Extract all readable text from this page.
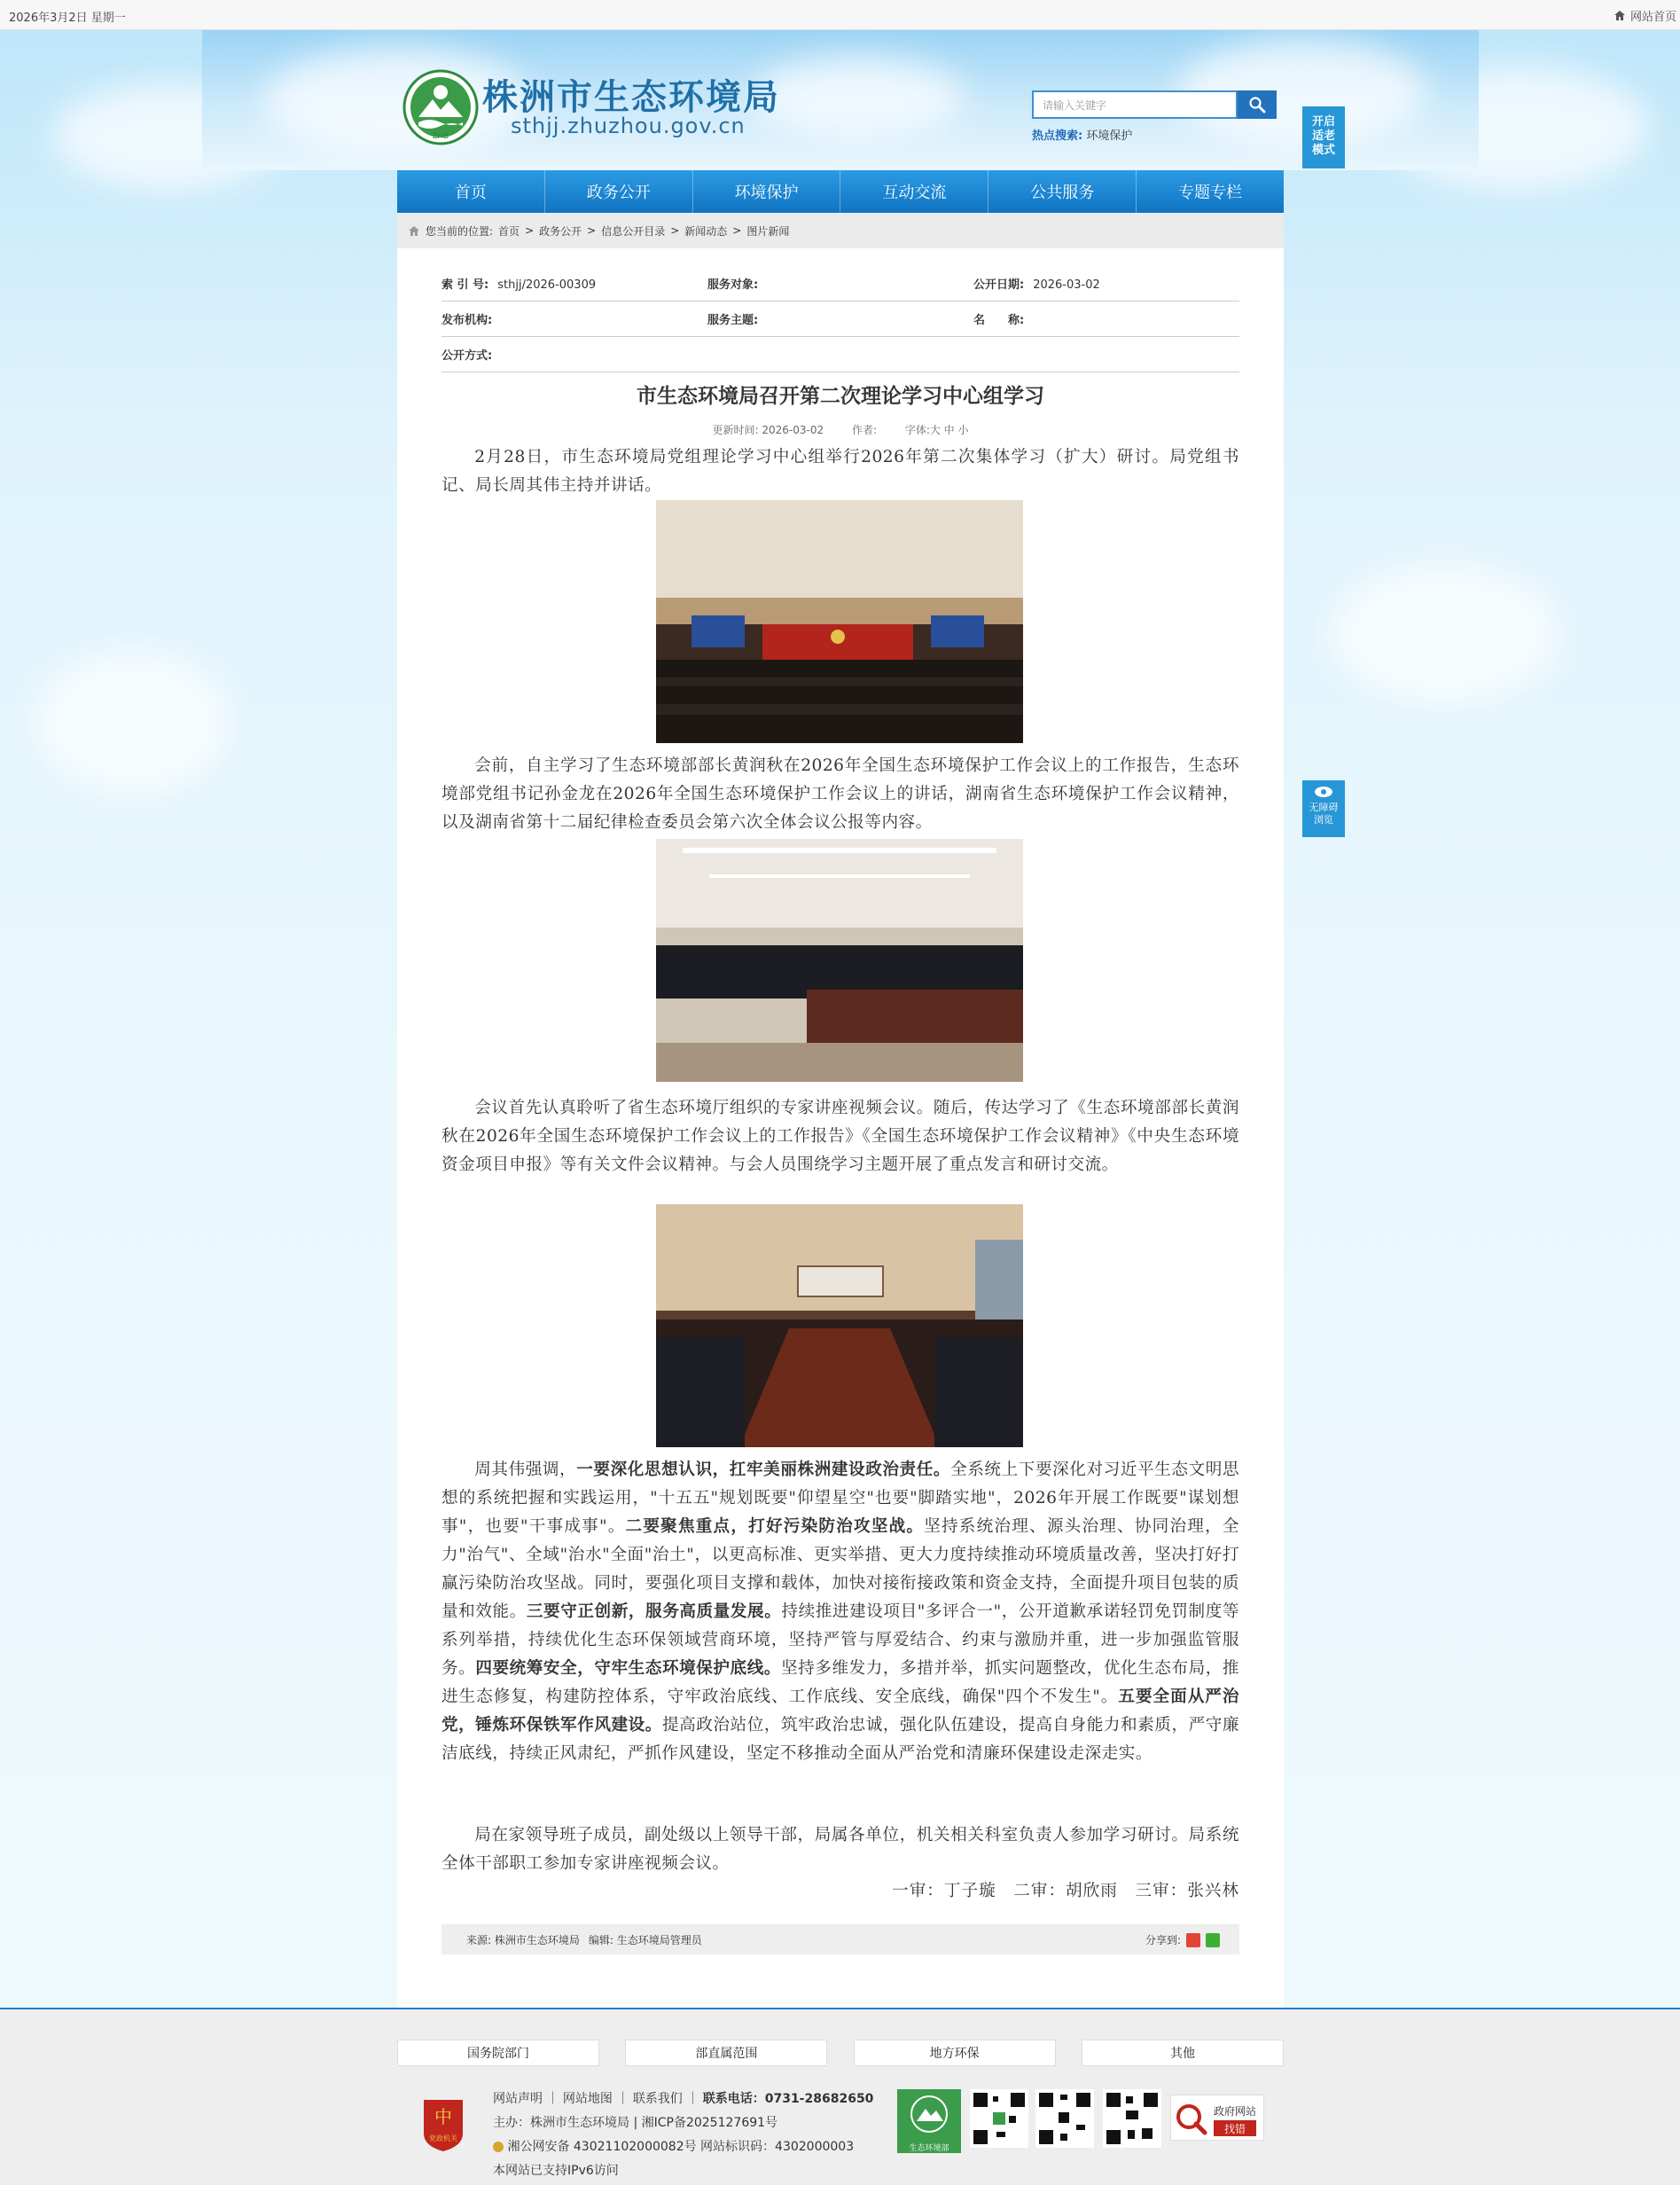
2026年3月2日 星期一	网站首页
ZHB
株洲市生态环境局
sthjj.zhuzhou.gov.cn
请输入关键字
热点搜索: 环境保护
开启
适老
模式
无障碍
浏览
首页	政务公开	环境保护	互动交流	公共服务	专题专栏
您当前的位置: 首页 > 政务公开 > 信息公开目录 > 新闻动态 > 图片新闻
索 引 号: sthjj/2026-00309	服务对象:	公开日期: 2026-03-02
发布机构:	服务主题:	名　　称:
公开方式:
市生态环境局召开第二次理论学习中心组学习
更新时间: 2026-03-02	作者:	字体:大 中 小
2月28日，市生态环境局党组理论学习中心组举行2026年第二次集体学习（扩大）研讨。局党组书记、局长周其伟主持并讲话。
会前，自主学习了生态环境部部长黄润秋在2026年全国生态环境保护工作会议上的工作报告，生态环境部党组书记孙金龙在2026年全国生态环境保护工作会议上的讲话，湖南省生态环境保护工作会议精神，以及湖南省第十二届纪律检查委员会第六次全体会议公报等内容。
会议首先认真聆听了省生态环境厅组织的专家讲座视频会议。随后，传达学习了《生态环境部部长黄润秋在2026年全国生态环境保护工作会议上的工作报告》《全国生态环境保护工作会议精神》《中央生态环境资金项目申报》等有关文件会议精神。与会人员围绕学习主题开展了重点发言和研讨交流。
周其伟强调，一要深化思想认识，扛牢美丽株洲建设政治责任。全系统上下要深化对习近平生态文明思想的系统把握和实践运用，"十五五"规划既要"仰望星空"也要"脚踏实地"，2026年开展工作既要"谋划想事"，也要"干事成事"。二要聚焦重点，打好污染防治攻坚战。坚持系统治理、源头治理、协同治理，全力"治气"、全域"治水"全面"治土"，以更高标准、更实举措、更大力度持续推动环境质量改善，坚决打好打赢污染防治攻坚战。同时，要强化项目支撑和载体，加快对接衔接政策和资金支持，全面提升项目包装的质量和效能。三要守正创新，服务高质量发展。持续推进建设项目"多评合一"，公开道歉承诺轻罚免罚制度等系列举措，持续优化生态环保领域营商环境，坚持严管与厚爱结合、约束与激励并重，进一步加强监管服务。四要统筹安全，守牢生态环境保护底线。坚持多维发力，多措并举，抓实问题整改，优化生态布局，推进生态修复，构建防控体系，守牢政治底线、工作底线、安全底线，确保"四个不发生"。五要全面从严治党，锤炼环保铁军作风建设。提高政治站位，筑牢政治忠诚，强化队伍建设，提高自身能力和素质，严守廉洁底线，持续正风肃纪，严抓作风建设，坚定不移推动全面从严治党和清廉环保建设走深走实。
局在家领导班子成员，副处级以上领导干部，局属各单位，机关相关科室负责人参加学习研讨。局系统全体干部职工参加专家讲座视频会议。
一审：丁子璇　二审：胡欣雨　三审：张兴林
来源: 株洲市生态环境局 编辑: 生态环境局管理员	分享到:
国务院部门	部直属范围	地方环保	其他
中
党政机关
网站声明 ｜ 网站地图 ｜ 联系我们 ｜ 联系电话：0731-28682650
主办：株洲市生态环境局 | 湘ICP备2025127691号
湘公网安备 43021102000082号 网站标识码：4302000003
本网站已支持IPv6访问
生态环境部
政府网站
找错
